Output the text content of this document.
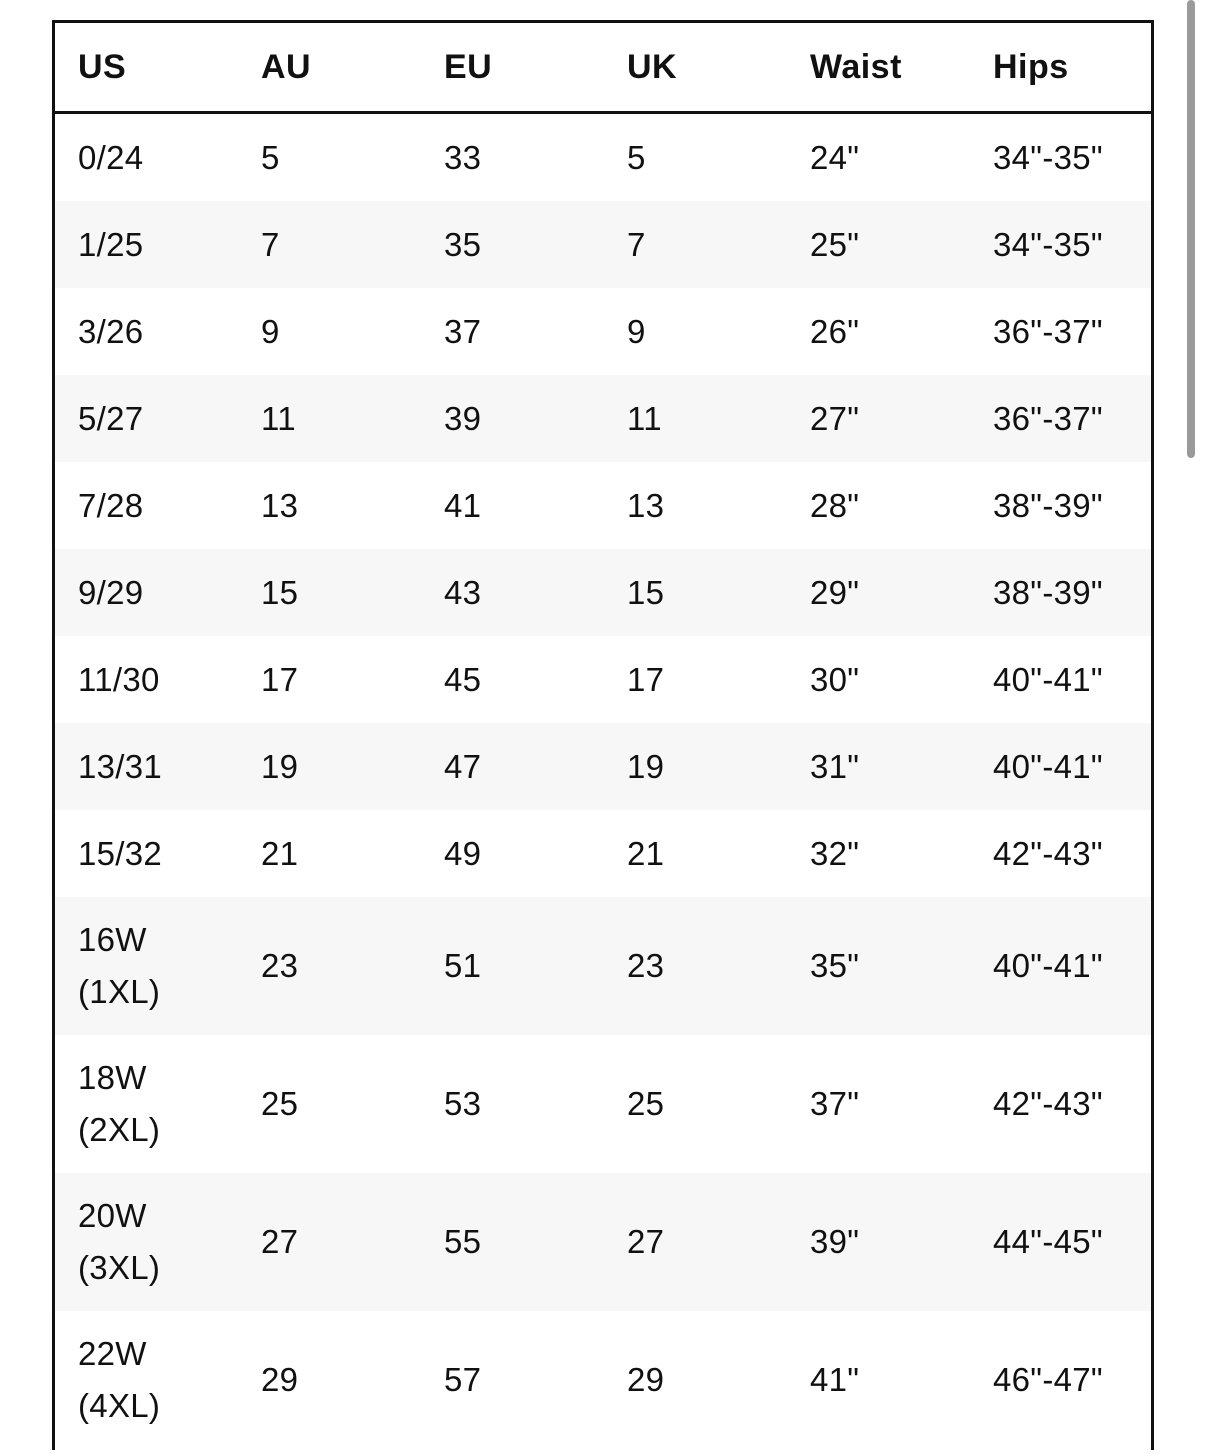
US	AU	EU	UK	Waist	Hips
0/24	5	33	5	24"	34"-35"
1/25	7	35	7	25"	34"-35"
3/26	9	37	9	26"	36"-37"
5/27	11	39	11	27"	36"-37"
7/28	13	41	13	28"	38"-39"
9/29	15	43	15	29"	38"-39"
11/30	17	45	17	30"	40"-41"
13/31	19	47	19	31"	40"-41"
15/32	21	49	21	32"	42"-43"
16W (1XL)	23	51	23	35"	40"-41"
18W (2XL)	25	53	25	37"	42"-43"
20W (3XL)	27	55	27	39"	44"-45"
22W (4XL)	29	57	29	41"	46"-47"
